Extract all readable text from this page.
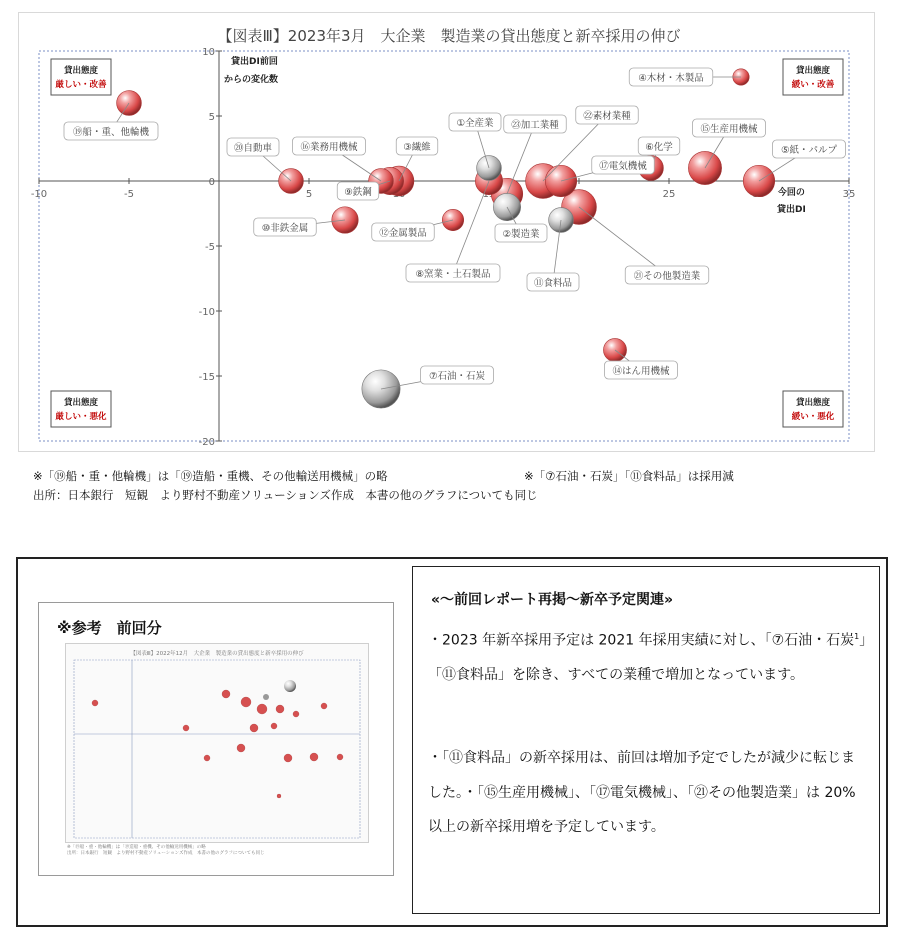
【図表Ⅲ】2023年3月　大企業　製造業の貸出態度と新卒採用の伸び
-10	-5	5	25	35
10
5
0
-5
-10
-15
-20
今回の
貸出DI
貸出DI前回
からの変化数
貸出態度
厳しい・改善
貸出態度
緩い・改善
貸出態度
厳しい・悪化
貸出態度
緩い・悪化
⑦石油・石炭
㉒素材業種
㉑その他製造業
⑮生産用機械
㉓加工業種
⑰電気機械
⑤紙・パルプ
③繊維
⑨鉄鋼
⑧窯業・土石製品
②製造業
⑩非鉄金属
⑲船・重、他輪機
⑳自動車	⑯業務用機械
①全産業
⑪食料品
⑥化学
⑭はん用機械
⑫金属製品
④木材・木製品
※「⑲船・重・他輪機」は「⑲造船・重機、その他輸送用機械」の略	※「⑦石油・石炭」「⑪食料品」は採用減
出所：日本銀行　短観　より野村不動産ソリューションズ作成　本書の他のグラフについても同じ
※参考　前回分
【図表Ⅲ】2022年12月　大企業　製造業の貸出態度と新卒採用の伸び
※「⑲船・重・他輪機」は「⑲造船・重機、その他輸送用機械」の略
出所：日本銀行　短観　より野村不動産ソリューションズ作成　本書の他のグラフについても同じ
«〜前回レポート再掲〜新卒予定関連»
・2023 年新卒採用予定は 2021 年採用実績に対し、「⑦石油・石炭$^1$」「⑪食料品」を除き、すべての業種で増加となっています。
・「⑪食料品」の新卒採用は、前回は増加予定でしたが減少に転じました。・「⑮生産用機械」、「⑰電気機械」、「㉑その他製造業」は 20%以上の新卒採用増を予定しています。
